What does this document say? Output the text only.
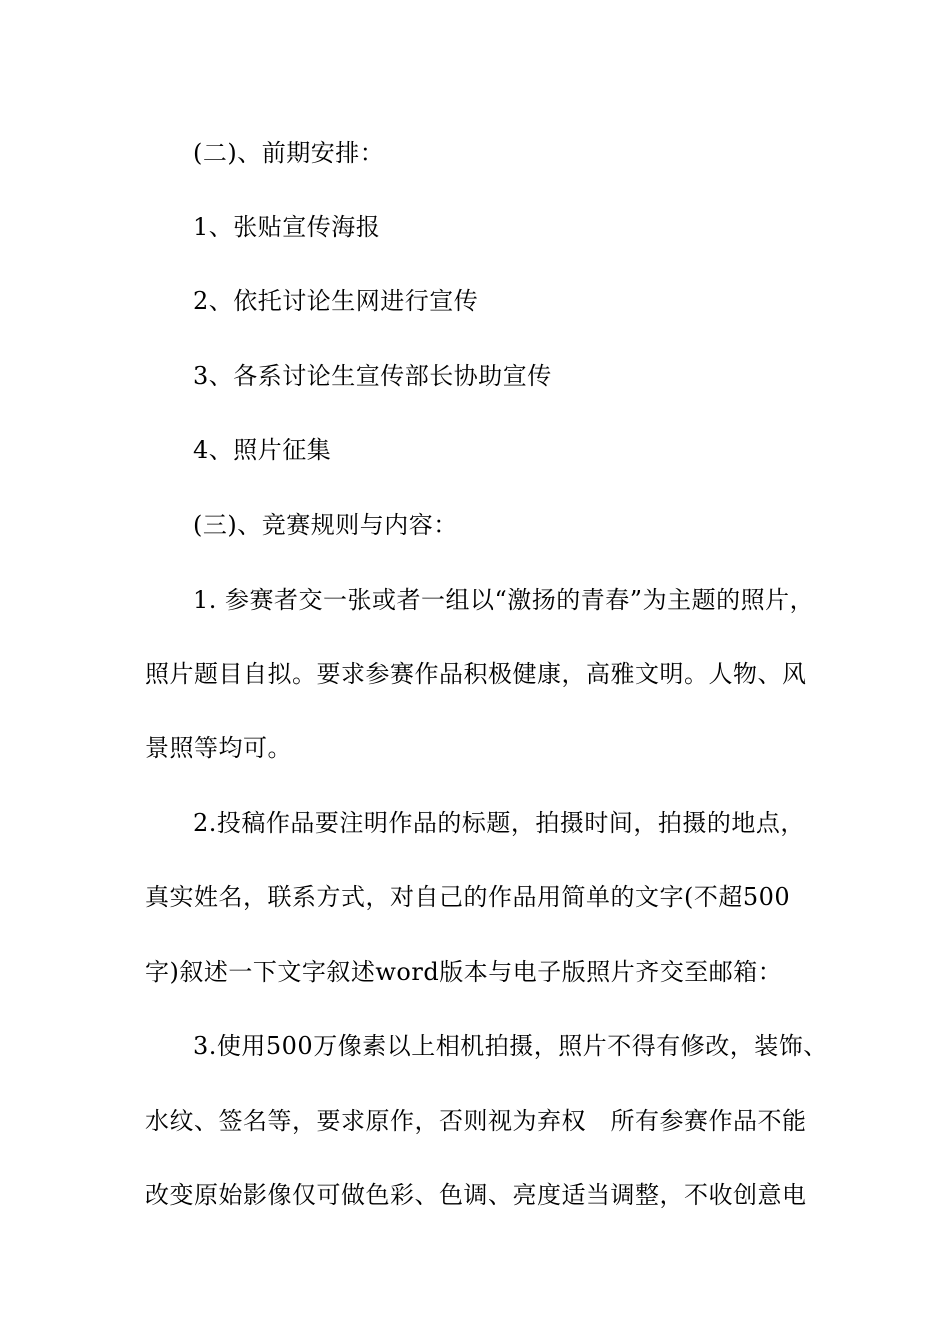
(二)、前期安排：
1、张贴宣传海报
2、依托讨论生网进行宣传
3、各系讨论生宣传部长协助宣传
4、照片征集
(三)、竞赛规则与内容：
1. 参赛者交一张或者一组以“激扬的青春”为主题的照片，
照片题目自拟。要求参赛作品积极健康，高雅文明。人物、风
景照等均可。
2.投稿作品要注明作品的标题，拍摄时间，拍摄的地点，
真实姓名，联系方式，对自己的作品用简单的文字(不超500
字)叙述一下文字叙述word版本与电子版照片齐交至邮箱：
3.使用500万像素以上相机拍摄，照片不得有修改，装饰、
水纹、签名等，要求原作，否则视为弃权　所有参赛作品不能
改变原始影像仅可做色彩、色调、亮度适当调整，不收创意电
